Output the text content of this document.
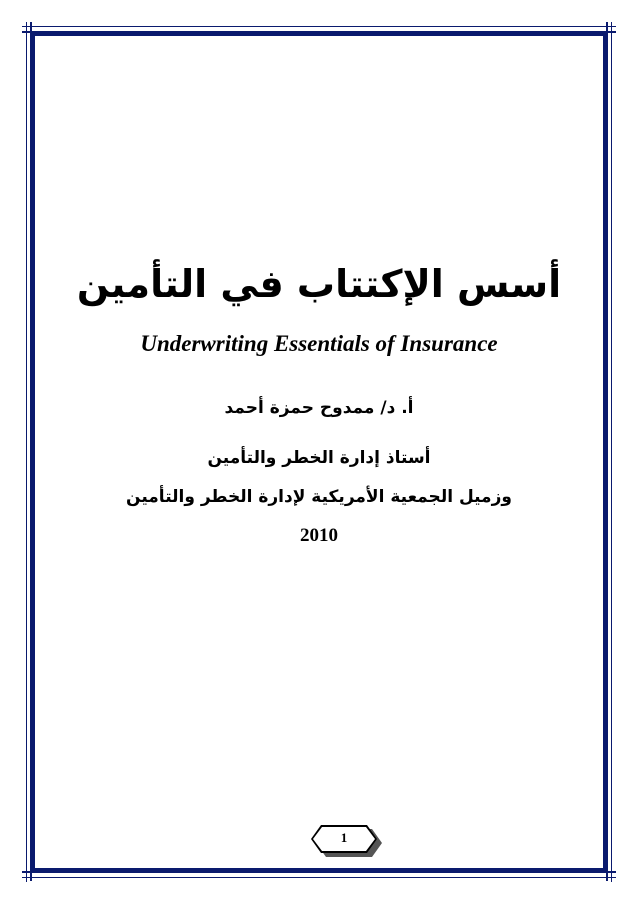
أسس الإكتتاب في التأمين
Underwriting Essentials of Insurance
أ. د/ ممدوح حمزة أحمد
أستاذ إدارة الخطر والتأمين
وزميل الجمعية الأمريكية لإدارة الخطر والتأمين
2010
1
